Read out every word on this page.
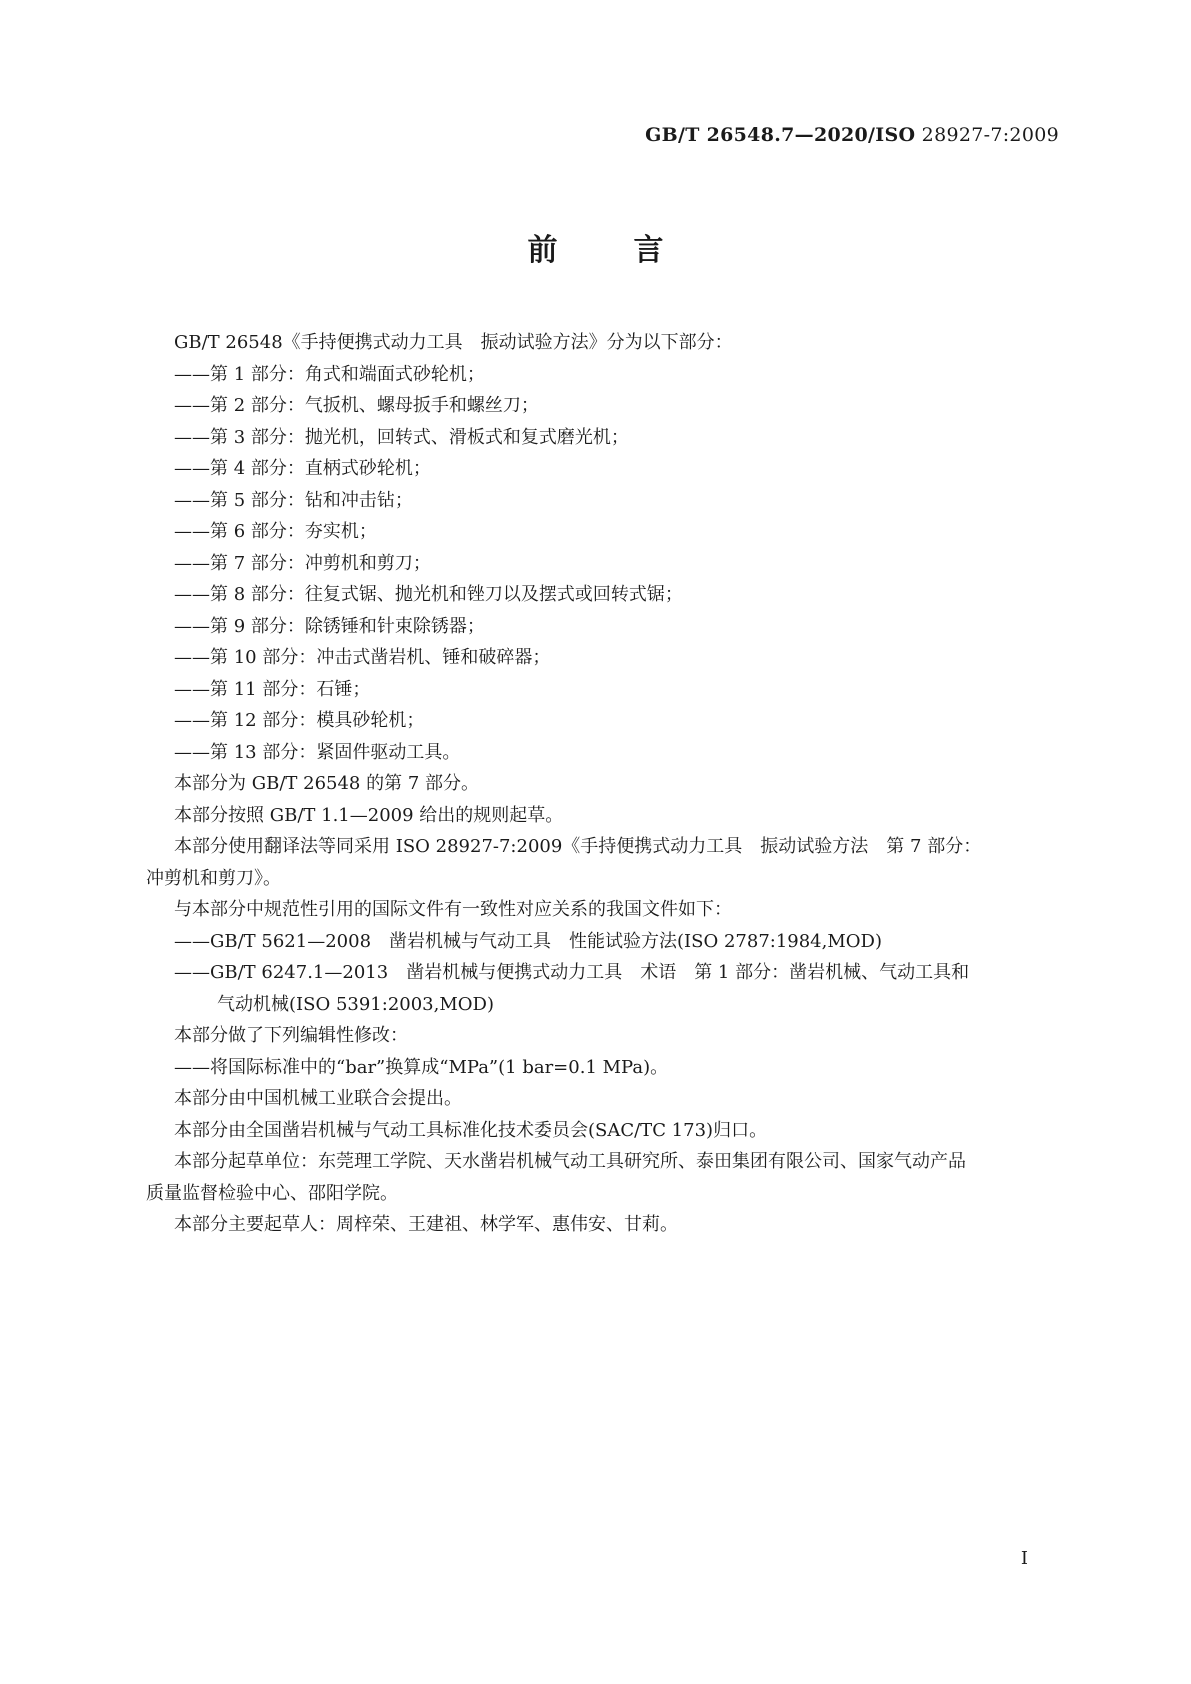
GB/T 26548.7—2020/ISO 28927-7:2009
前	言
GB/T 26548《手持便携式动力工具　振动试验方法》分为以下部分：
——第 1 部分：角式和端面式砂轮机；
——第 2 部分：气扳机、螺母扳手和螺丝刀；
——第 3 部分：抛光机，回转式、滑板式和复式磨光机；
——第 4 部分：直柄式砂轮机；
——第 5 部分：钻和冲击钻；
——第 6 部分：夯实机；
——第 7 部分：冲剪机和剪刀；
——第 8 部分：往复式锯、抛光机和锉刀以及摆式或回转式锯；
——第 9 部分：除锈锤和针束除锈器；
——第 10 部分：冲击式凿岩机、锤和破碎器；
——第 11 部分：石锤；
——第 12 部分：模具砂轮机；
——第 13 部分：紧固件驱动工具。
本部分为 GB/T 26548 的第 7 部分。
本部分按照 GB/T 1.1—2009 给出的规则起草。
本部分使用翻译法等同采用 ISO 28927-7:2009《手持便携式动力工具　振动试验方法　第 7 部分：
冲剪机和剪刀》。
与本部分中规范性引用的国际文件有一致性对应关系的我国文件如下：
——GB/T 5621—2008　凿岩机械与气动工具　性能试验方法(ISO 2787:1984,MOD)
——GB/T 6247.1—2013　凿岩机械与便携式动力工具　术语　第 1 部分：凿岩机械、气动工具和
气动机械(ISO 5391:2003,MOD)
本部分做了下列编辑性修改：
——将国际标准中的“bar”换算成“MPa”(1 bar=0.1 MPa)。
本部分由中国机械工业联合会提出。
本部分由全国凿岩机械与气动工具标准化技术委员会(SAC/TC 173)归口。
本部分起草单位：东莞理工学院、天水凿岩机械气动工具研究所、泰田集团有限公司、国家气动产品
质量监督检验中心、邵阳学院。
本部分主要起草人：周梓荣、王建祖、林学军、惠伟安、甘莉。
Ⅰ
